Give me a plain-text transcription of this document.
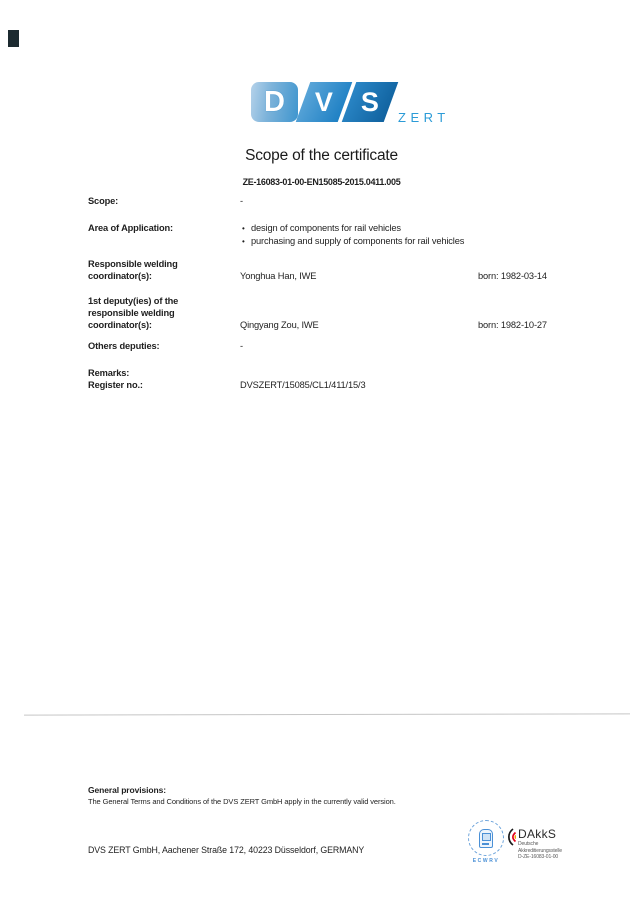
D	V S
ZERT
Scope of the certificate
ZE-16083-01-00-EN15085-2015.0411.005
Scope:	-
Area of Application:	• design of components for rail vehicles
• purchasing and supply of components for rail vehicles
Responsible welding
coordinator(s):	Yonghua Han, IWE	born: 1982-03-14
1st deputy(ies) of the
responsible welding
coordinator(s):	Qingyang Zou, IWE	born: 1982-10-27
Others deputies:	-
Remarks:
Register no.:	DVSZERT/15085/CL1/411/15/3
General provisions:
The General Terms and Conditions of the DVS ZERT GmbH apply in the currently valid version.
DVS ZERT GmbH, Aachener Straße 172, 40223 Düsseldorf, GERMANY
ECWRV
DAkkS
Deutsche
Akkreditierungsstelle
D-ZE-16083-01-00
